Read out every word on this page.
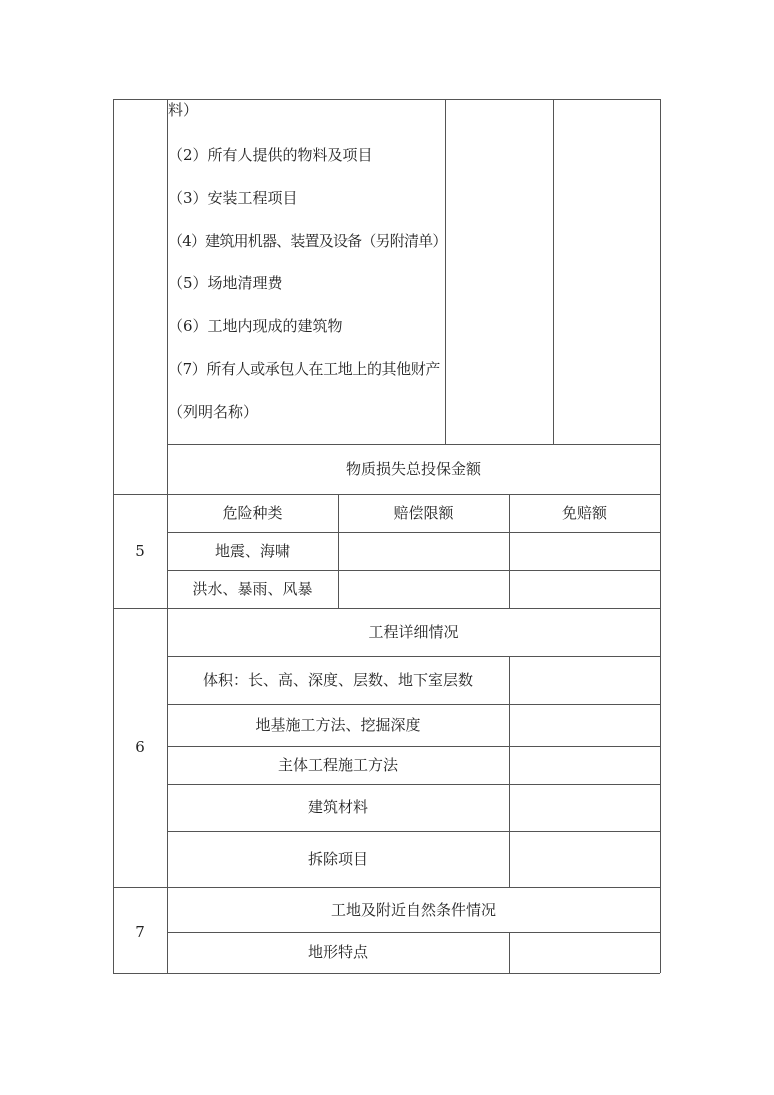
料）
（2）所有人提供的物料及项目
（3）安装工程项目
（4）建筑用机器、装置及设备（另附清单）
（5）场地清理费
（6）工地内现成的建筑物
（7）所有人或承包人在工地上的其他财产
（列明名称）
物质损失总投保金额
5
危险种类	赔偿限额	免赔额
地震、海啸
洪水、暴雨、风暴
6
工程详细情况
体积：长、高、深度、层数、地下室层数
地基施工方法、挖掘深度
主体工程施工方法
建筑材料
拆除项目
7
工地及附近自然条件情况
地形特点
